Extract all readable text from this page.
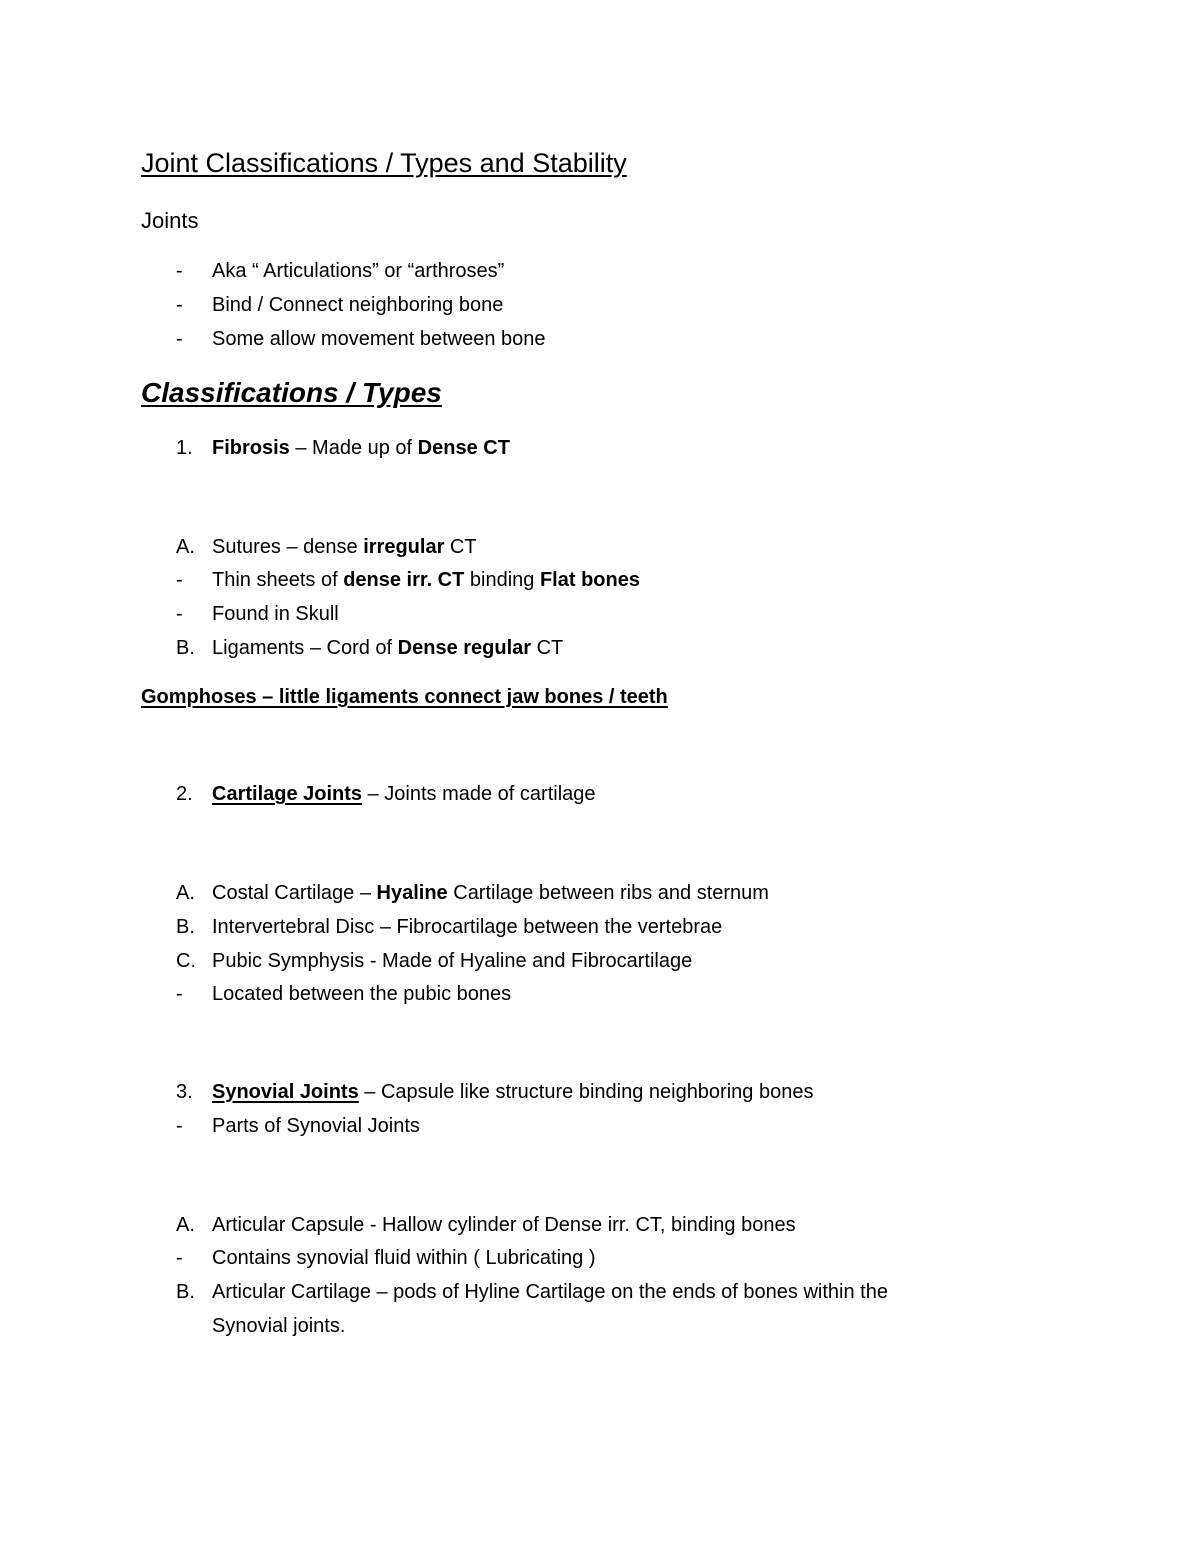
Joint Classifications / Types and Stability
Joints
- Aka “ Articulations” or “arthroses”
- Bind / Connect neighboring bone
- Some allow movement between bone
Classifications / Types
1. Fibrosis – Made up of Dense CT
A. Sutures – dense irregular CT
- Thin sheets of dense irr. CT binding Flat bones
- Found in Skull
B. Ligaments – Cord of Dense regular CT
Gomphoses – little ligaments connect jaw bones / teeth
2. Cartilage Joints – Joints made of cartilage
A. Costal Cartilage – Hyaline Cartilage between ribs and sternum
B. Intervertebral Disc – Fibrocartilage between the vertebrae
C. Pubic Symphysis - Made of Hyaline and Fibrocartilage
- Located between the pubic bones
3. Synovial Joints – Capsule like structure binding neighboring bones
- Parts of Synovial Joints
A. Articular Capsule - Hallow cylinder of Dense irr. CT, binding bones
- Contains synovial fluid within ( Lubricating )
B. Articular Cartilage – pods of Hyline Cartilage on the ends of bones within the
Synovial joints.
